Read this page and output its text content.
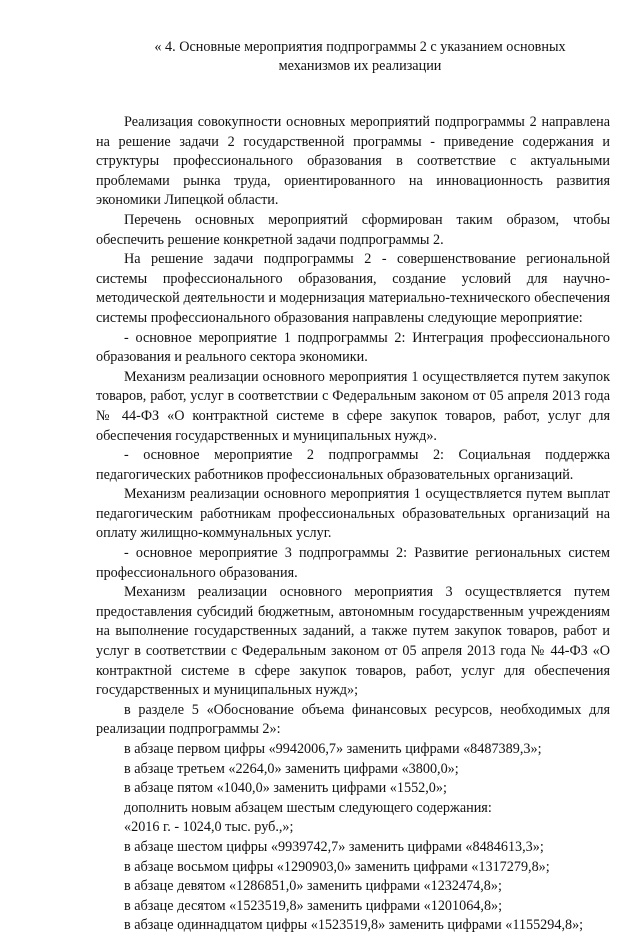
« 4. Основные мероприятия подпрограммы 2 с указанием основных
механизмов их реализации

Реализация совокупности основных мероприятий подпрограммы 2 направлена на решение задачи 2 государственной программы - приведение содержания и структуры профессионального образования в соответствие с актуальными проблемами рынка труда, ориентированного на инновационность развития экономики Липецкой области.

Перечень основных мероприятий сформирован таким образом, чтобы обеспечить решение конкретной задачи подпрограммы 2.

На решение задачи подпрограммы 2 - совершенствование региональной системы профессионального образования, создание условий для научно-методической деятельности и модернизация материально-технического обеспечения системы профессионального образования направлены следующие мероприятие:

- основное мероприятие 1 подпрограммы 2: Интеграция профессионального образования и реального сектора экономики.

Механизм реализации основного мероприятия 1 осуществляется путем закупок товаров, работ, услуг в соответствии с Федеральным законом от 05 апреля 2013 года № 44-ФЗ «О контрактной системе в сфере закупок товаров, работ, услуг для обеспечения государственных и муниципальных нужд».

- основное мероприятие 2 подпрограммы 2: Социальная поддержка педагогических работников профессиональных образовательных организаций.

Механизм реализации основного мероприятия 1 осуществляется путем выплат педагогическим работникам профессиональных образовательных организаций на оплату жилищно-коммунальных услуг.

- основное мероприятие 3 подпрограммы 2: Развитие региональных систем профессионального образования.

Механизм реализации основного мероприятия 3 осуществляется путем предоставления субсидий бюджетным, автономным государственным учреждениям на выполнение государственных заданий, а также путем закупок товаров, работ и услуг в соответствии с Федеральным законом от 05 апреля 2013 года № 44-ФЗ «О контрактной системе в сфере закупок товаров, работ, услуг для обеспечения государственных и муниципальных нужд»;

в разделе 5 «Обоснование объема финансовых ресурсов, необходимых для реализации подпрограммы 2»:

в абзаце первом цифры «9942006,7» заменить цифрами «8487389,3»;

в абзаце третьем «2264,0» заменить цифрами «3800,0»;

в абзаце пятом «1040,0» заменить цифрами «1552,0»;

дополнить новым абзацем шестым следующего содержания:

«2016 г. - 1024,0 тыс. руб.,»;

в абзаце шестом цифры «9939742,7» заменить цифрами «8484613,3»;

в абзаце восьмом цифры «1290903,0» заменить цифрами «1317279,8»;

в абзаце девятом «1286851,0» заменить цифрами «1232474,8»;

в абзаце десятом «1523519,8» заменить цифрами «1201064,8»;

в абзаце одиннадцатом цифры «1523519,8» заменить цифрами «1155294,8»;
